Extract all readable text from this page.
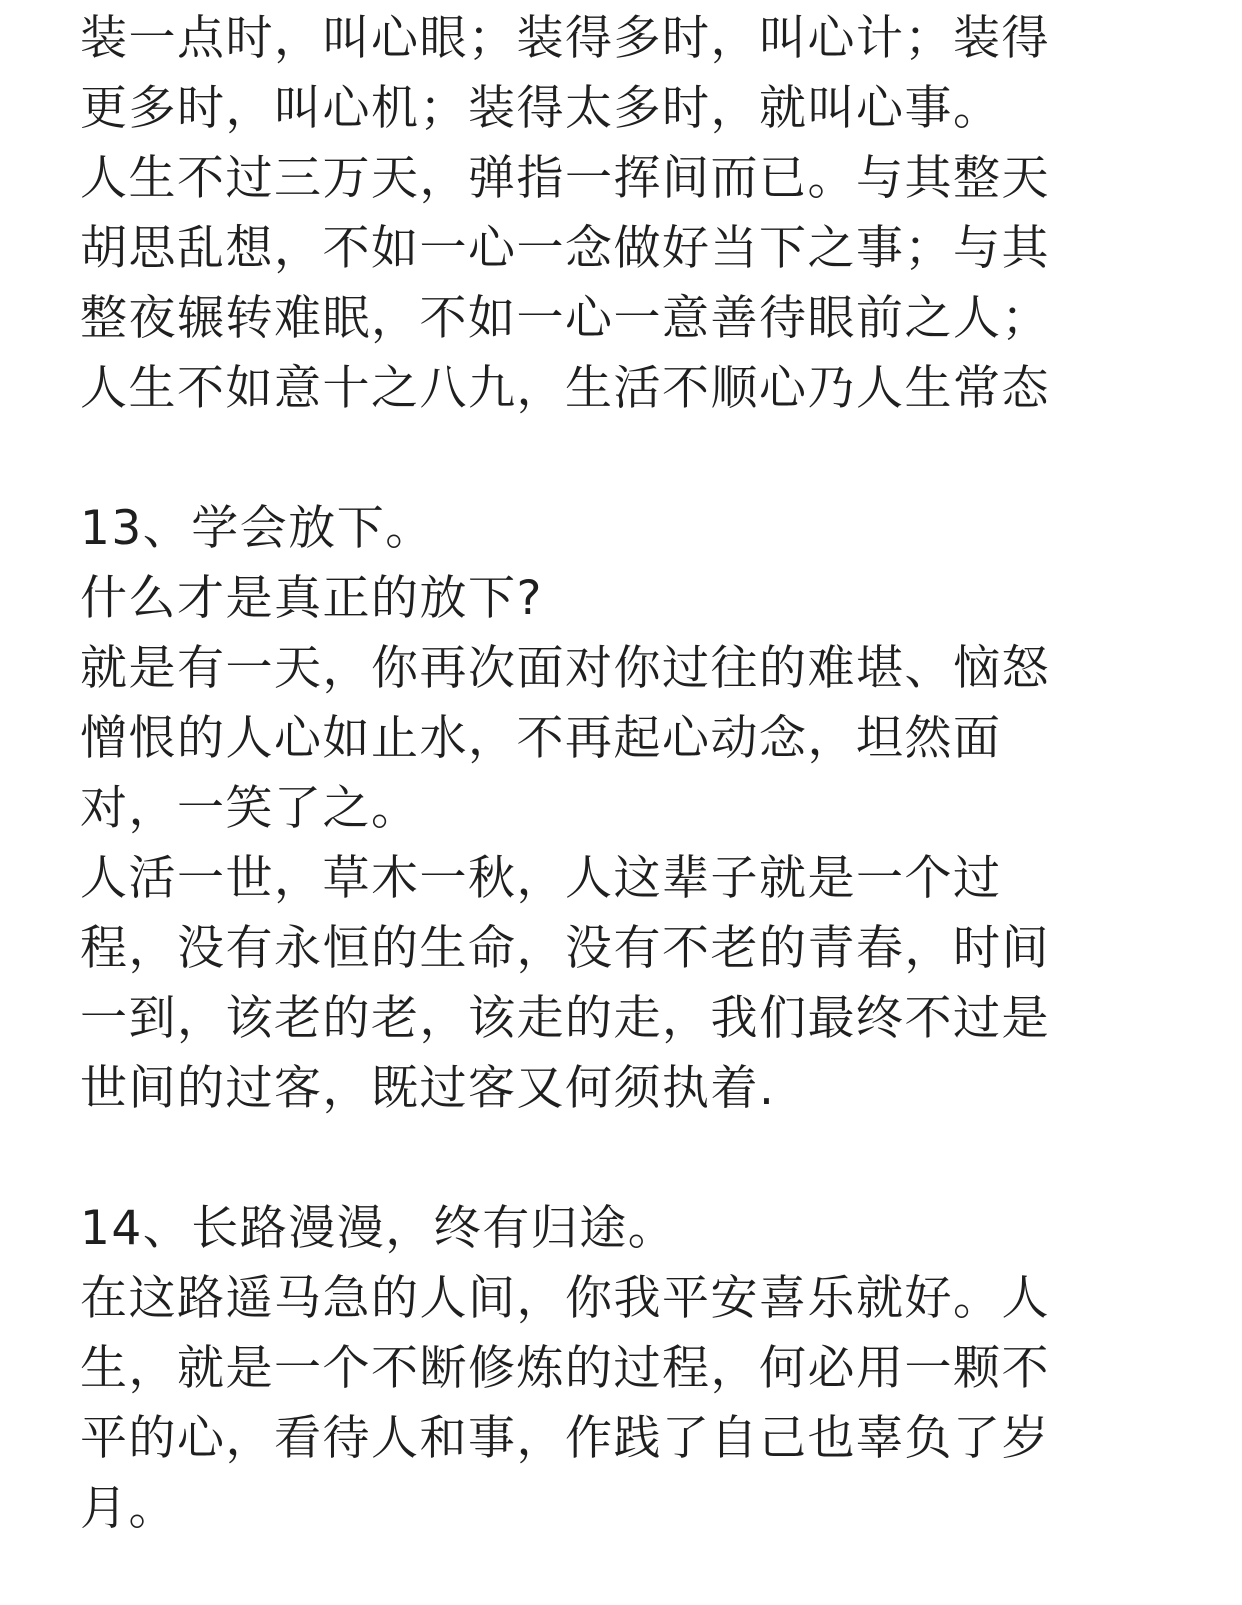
装一点时，叫心眼；装得多时，叫心计；装得
更多时，叫心机；装得太多时，就叫心事。

人生不过三万天，弹指一挥间而已。与其整天
胡思乱想，不如一心一念做好当下之事；与其
整夜辗转难眠，不如一心一意善待眼前之人；
人生不如意十之八九，生活不顺心乃人生常态

13、学会放下。

什么才是真正的放下?

就是有一天，你再次面对你过往的难堪、恼怒
憎恨的人心如止水，不再起心动念，坦然面
对，一笑了之。

人活一世，草木一秋，人这辈子就是一个过
程，没有永恒的生命，没有不老的青春，时间
一到，该老的老，该走的走，我们最终不过是
世间的过客，既过客又何须执着.

14、长路漫漫，终有归途。

在这路遥马急的人间，你我平安喜乐就好。人
生，就是一个不断修炼的过程，何必用一颗不
平的心，看待人和事，作践了自己也辜负了岁
月。
